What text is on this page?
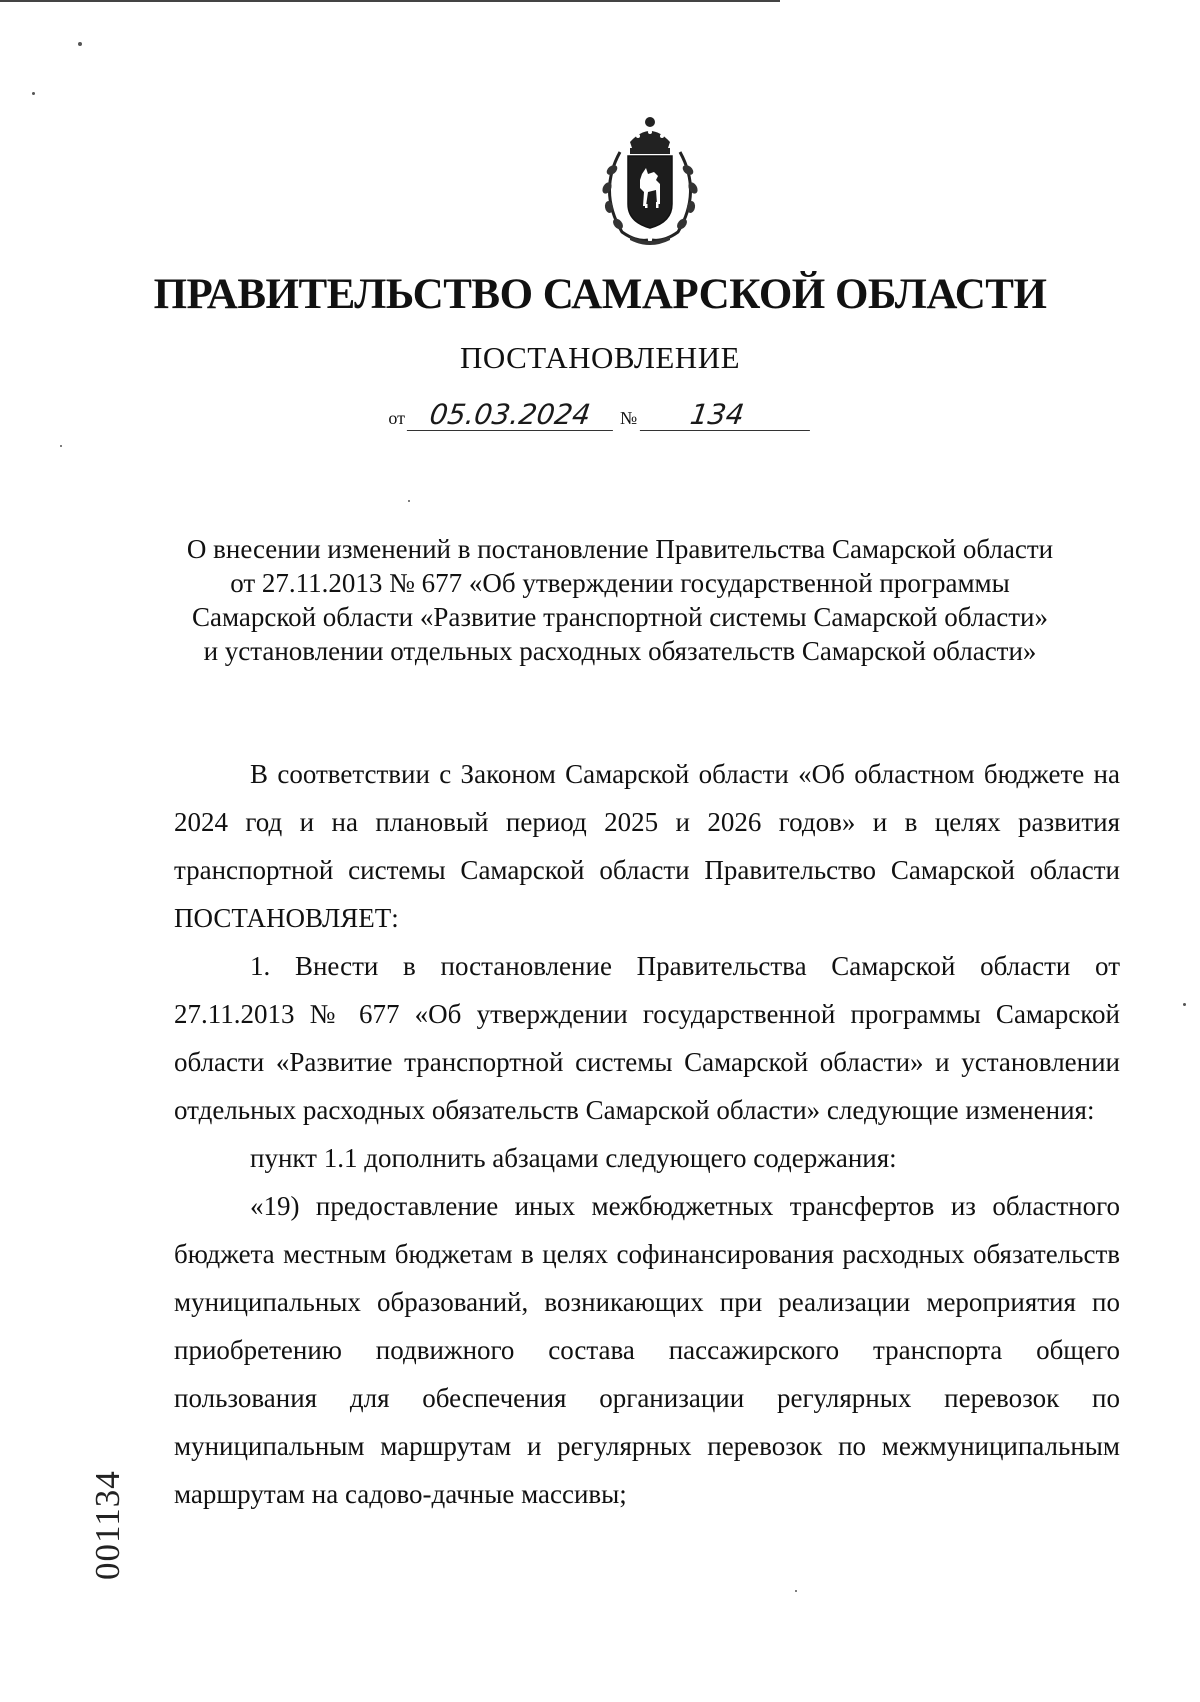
ПРАВИТЕЛЬСТВО САМАРСКОЙ ОБЛАСТИ
ПОСТАНОВЛЕНИЕ
от 05.03.2024 № 134
О внесении изменений в постановление Правительства Самарской области
от 27.11.2013 № 677 «Об утверждении государственной программы
Самарской области «Развитие транспортной системы Самарской области»
и установлении отдельных расходных обязательств Самарской области»

В соответствии с Законом Самарской области «Об областном бюджете на 2024 год и на плановый период 2025 и 2026 годов» и в целях развития транспортной системы Самарской области Правительство Самарской области ПОСТАНОВЛЯЕТ:

1. Внести в постановление Правительства Самарской области от 27.11.2013 № 677 «Об утверждении государственной программы Самарской области «Развитие транспортной системы Самарской области» и установлении отдельных расходных обязательств Самарской области» следующие изменения:

пункт 1.1 дополнить абзацами следующего содержания:

«19) предоставление иных межбюджетных трансфертов из областного бюджета местным бюджетам в целях софинансирования расходных обязательств муниципальных образований, возникающих при реализации мероприятия по приобретению подвижного состава пассажирского транспорта общего пользования для обеспечения организации регулярных перевозок по муниципальным маршрутам и регулярных перевозок по межмуниципальным маршрутам на садово-дачные массивы;

001134
